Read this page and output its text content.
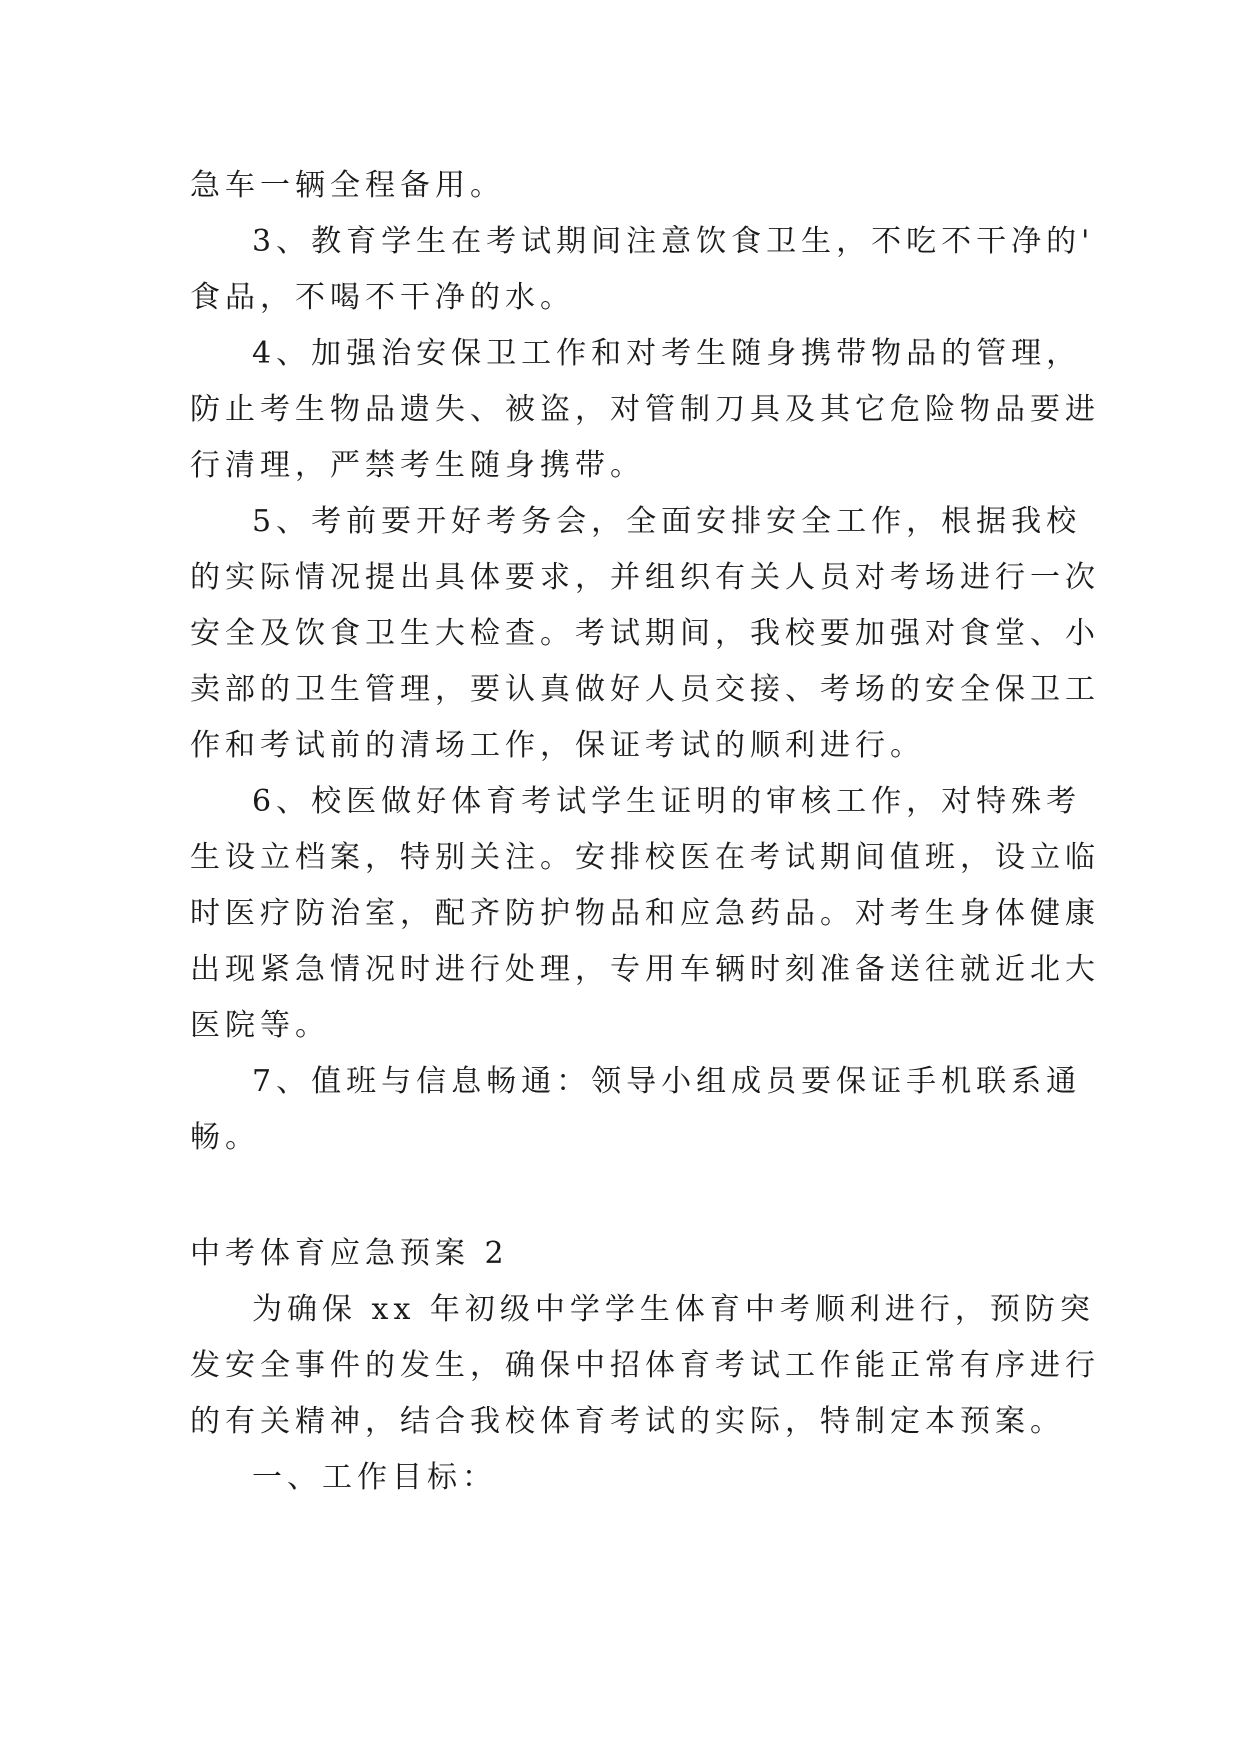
急车一辆全程备用。

3、教育学生在考试期间注意饮食卫生，不吃不干净的'

食品，不喝不干净的水。

4、加强治安保卫工作和对考生随身携带物品的管理，

防止考生物品遗失、被盗，对管制刀具及其它危险物品要进

行清理，严禁考生随身携带。

5、考前要开好考务会，全面安排安全工作，根据我校

的实际情况提出具体要求，并组织有关人员对考场进行一次

安全及饮食卫生大检查。考试期间，我校要加强对食堂、小

卖部的卫生管理，要认真做好人员交接、考场的安全保卫工

作和考试前的清场工作，保证考试的顺利进行。

6、校医做好体育考试学生证明的审核工作，对特殊考

生设立档案，特别关注。安排校医在考试期间值班，设立临

时医疗防治室，配齐防护物品和应急药品。对考生身体健康

出现紧急情况时进行处理，专用车辆时刻准备送往就近北大

医院等。

7、值班与信息畅通：领导小组成员要保证手机联系通

畅。

中考体育应急预案 2

为确保 xx 年初级中学学生体育中考顺利进行，预防突

发安全事件的发生，确保中招体育考试工作能正常有序进行

的有关精神，结合我校体育考试的实际，特制定本预案。

一、工作目标：
